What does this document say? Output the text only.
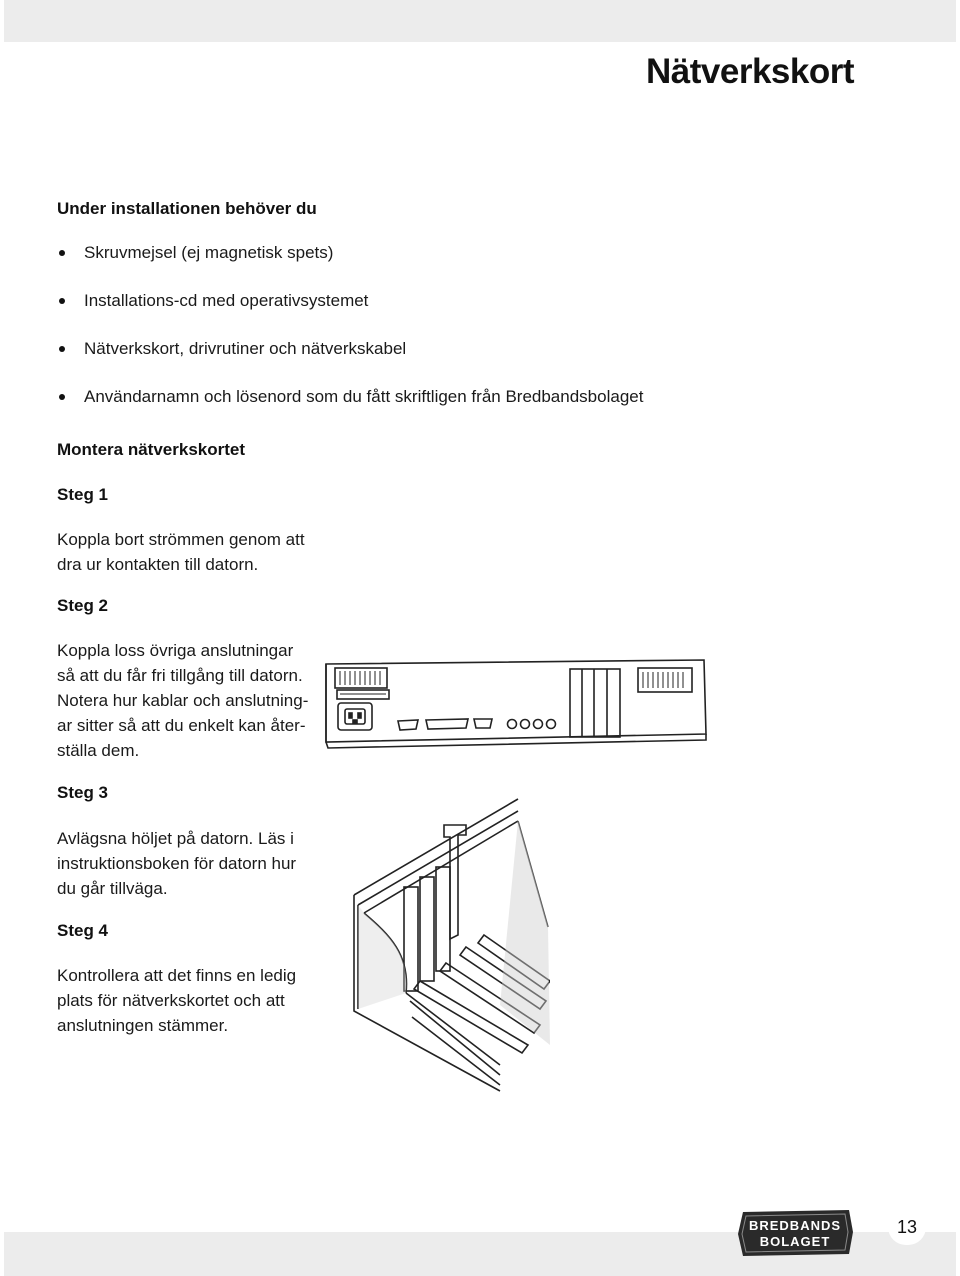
Nätverkskort
Under installationen behöver du
Skruvmejsel (ej magnetisk spets)
Installations-cd med operativsystemet
Nätverkskort, drivrutiner och nätverkskabel
Användarnamn och lösenord som du fått skriftligen från Bredbandsbolaget
Montera nätverkskortet
Steg 1

Koppla bort strömmen genom att
dra ur kontakten till datorn.

Steg 2

Koppla loss övriga anslutningar
så att du får fri tillgång till datorn.
Notera hur kablar och anslutning-
ar sitter så att du enkelt kan åter-
ställa dem.

Steg 3

Avlägsna höljet på datorn. Läs i
instruktionsboken för datorn hur
du går tillväga.

Steg 4

Kontrollera att det finns en ledig
plats för nätverkskortet och att
anslutningen stämmer.

BREDBANDS
BOLAGET
13
